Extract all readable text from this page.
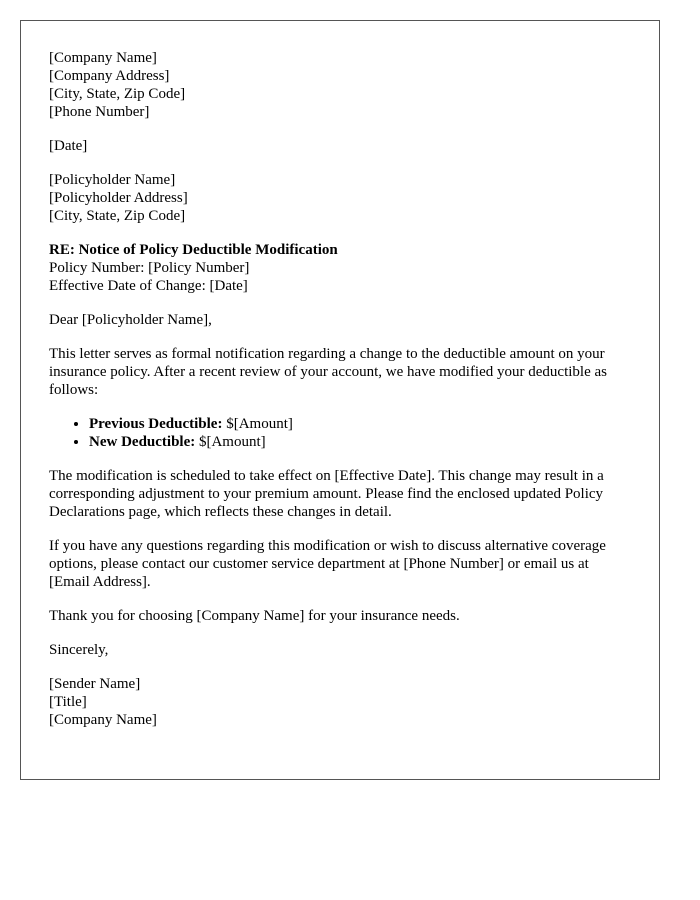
[Company Name]
[Company Address]
[City, State, Zip Code]
[Phone Number]
[Date]
[Policyholder Name]
[Policyholder Address]
[City, State, Zip Code]
RE: Notice of Policy Deductible Modification
Policy Number: [Policy Number]
Effective Date of Change: [Date]

Dear [Policyholder Name],

This letter serves as formal notification regarding a change to the deductible amount on your insurance policy. After a recent review of your account, we have modified your deductible as follows:

• Previous Deductible: $[Amount]
• New Deductible: $[Amount]

The modification is scheduled to take effect on [Effective Date]. This change may result in a corresponding adjustment to your premium amount. Please find the enclosed updated Policy Declarations page, which reflects these changes in detail.

If you have any questions regarding this modification or wish to discuss alternative coverage options, please contact our customer service department at [Phone Number] or email us at [Email Address].

Thank you for choosing [Company Name] for your insurance needs.

Sincerely,

[Sender Name]
[Title]
[Company Name]
